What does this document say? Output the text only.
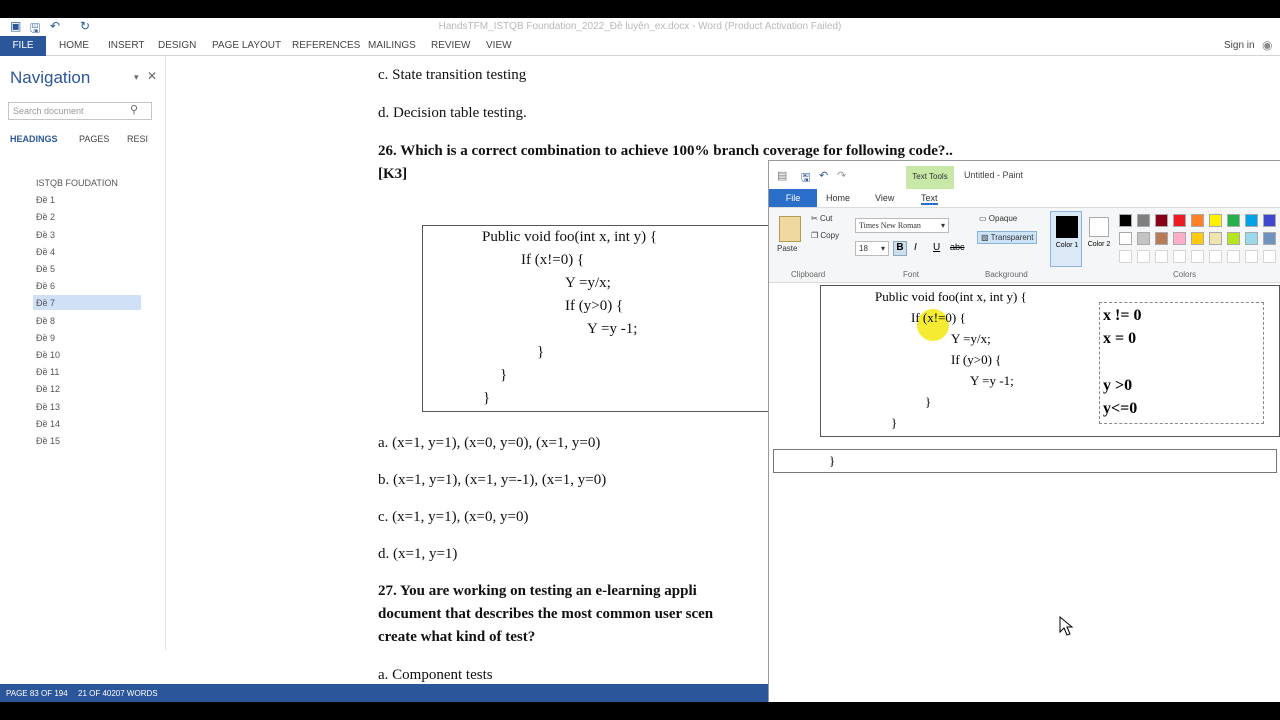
▣ 🖫 ↶ ↻	HandsTFM_ISTQB Foundation_2022_Đề luyện_ex.docx - Word (Product Activation Failed)
FILE	HOME INSERT DESIGN PAGE LAYOUT REFERENCES MAILINGS REVIEW VIEW	Sign in ◉
Navigation	▾ ✕
Search document	⚲
HEADINGS PAGES RESI
ISTQB FOUDATION
Đề 1
Đề 2
Đề 3
Đề 4
Đề 5
Đề 6
Đề 7
Đề 8
Đề 9
Đề 10
Đề 11
Đề 12
Đề 13
Đề 14
Đề 15
c. State transition testing
d. Decision table testing.
26. Which is a correct combination to achieve 100% branch coverage for following code?..
[K3]
Public void foo(int x, int y) {
If (x!=0) {
Y =y/x;
If (y>0) {
Y =y -1;
}
}
}
a. (x=1, y=1), (x=0, y=0), (x=1, y=0)
b. (x=1, y=1), (x=1, y=-1), (x=1, y=0)
c. (x=1, y=1), (x=0, y=0)
d. (x=1, y=1)
27. You are working on testing an e-learning appli
document that describes the most common user scen
create what kind of test?
a. Component tests
PAGE 83 OF 194 21 OF 40207 WORDS
▤ 🖫 ↶ ↷	Text Tools	Untitled - Paint
File	Home	View	Text
Paste
✂ Cut
❐ Copy
Times New Roman	▾
18 ▾	B	I U abc
▭ Opaque
▨ Transparent
Color 1	Color 2
Clipboard	Font	Background	Colors
Public void foo(int x, int y) {
If (x!=0) {
Y =y/x;
If (y>0) {
Y =y -1;
}
}
x != 0
x = 0
y >0
y<=0
}
